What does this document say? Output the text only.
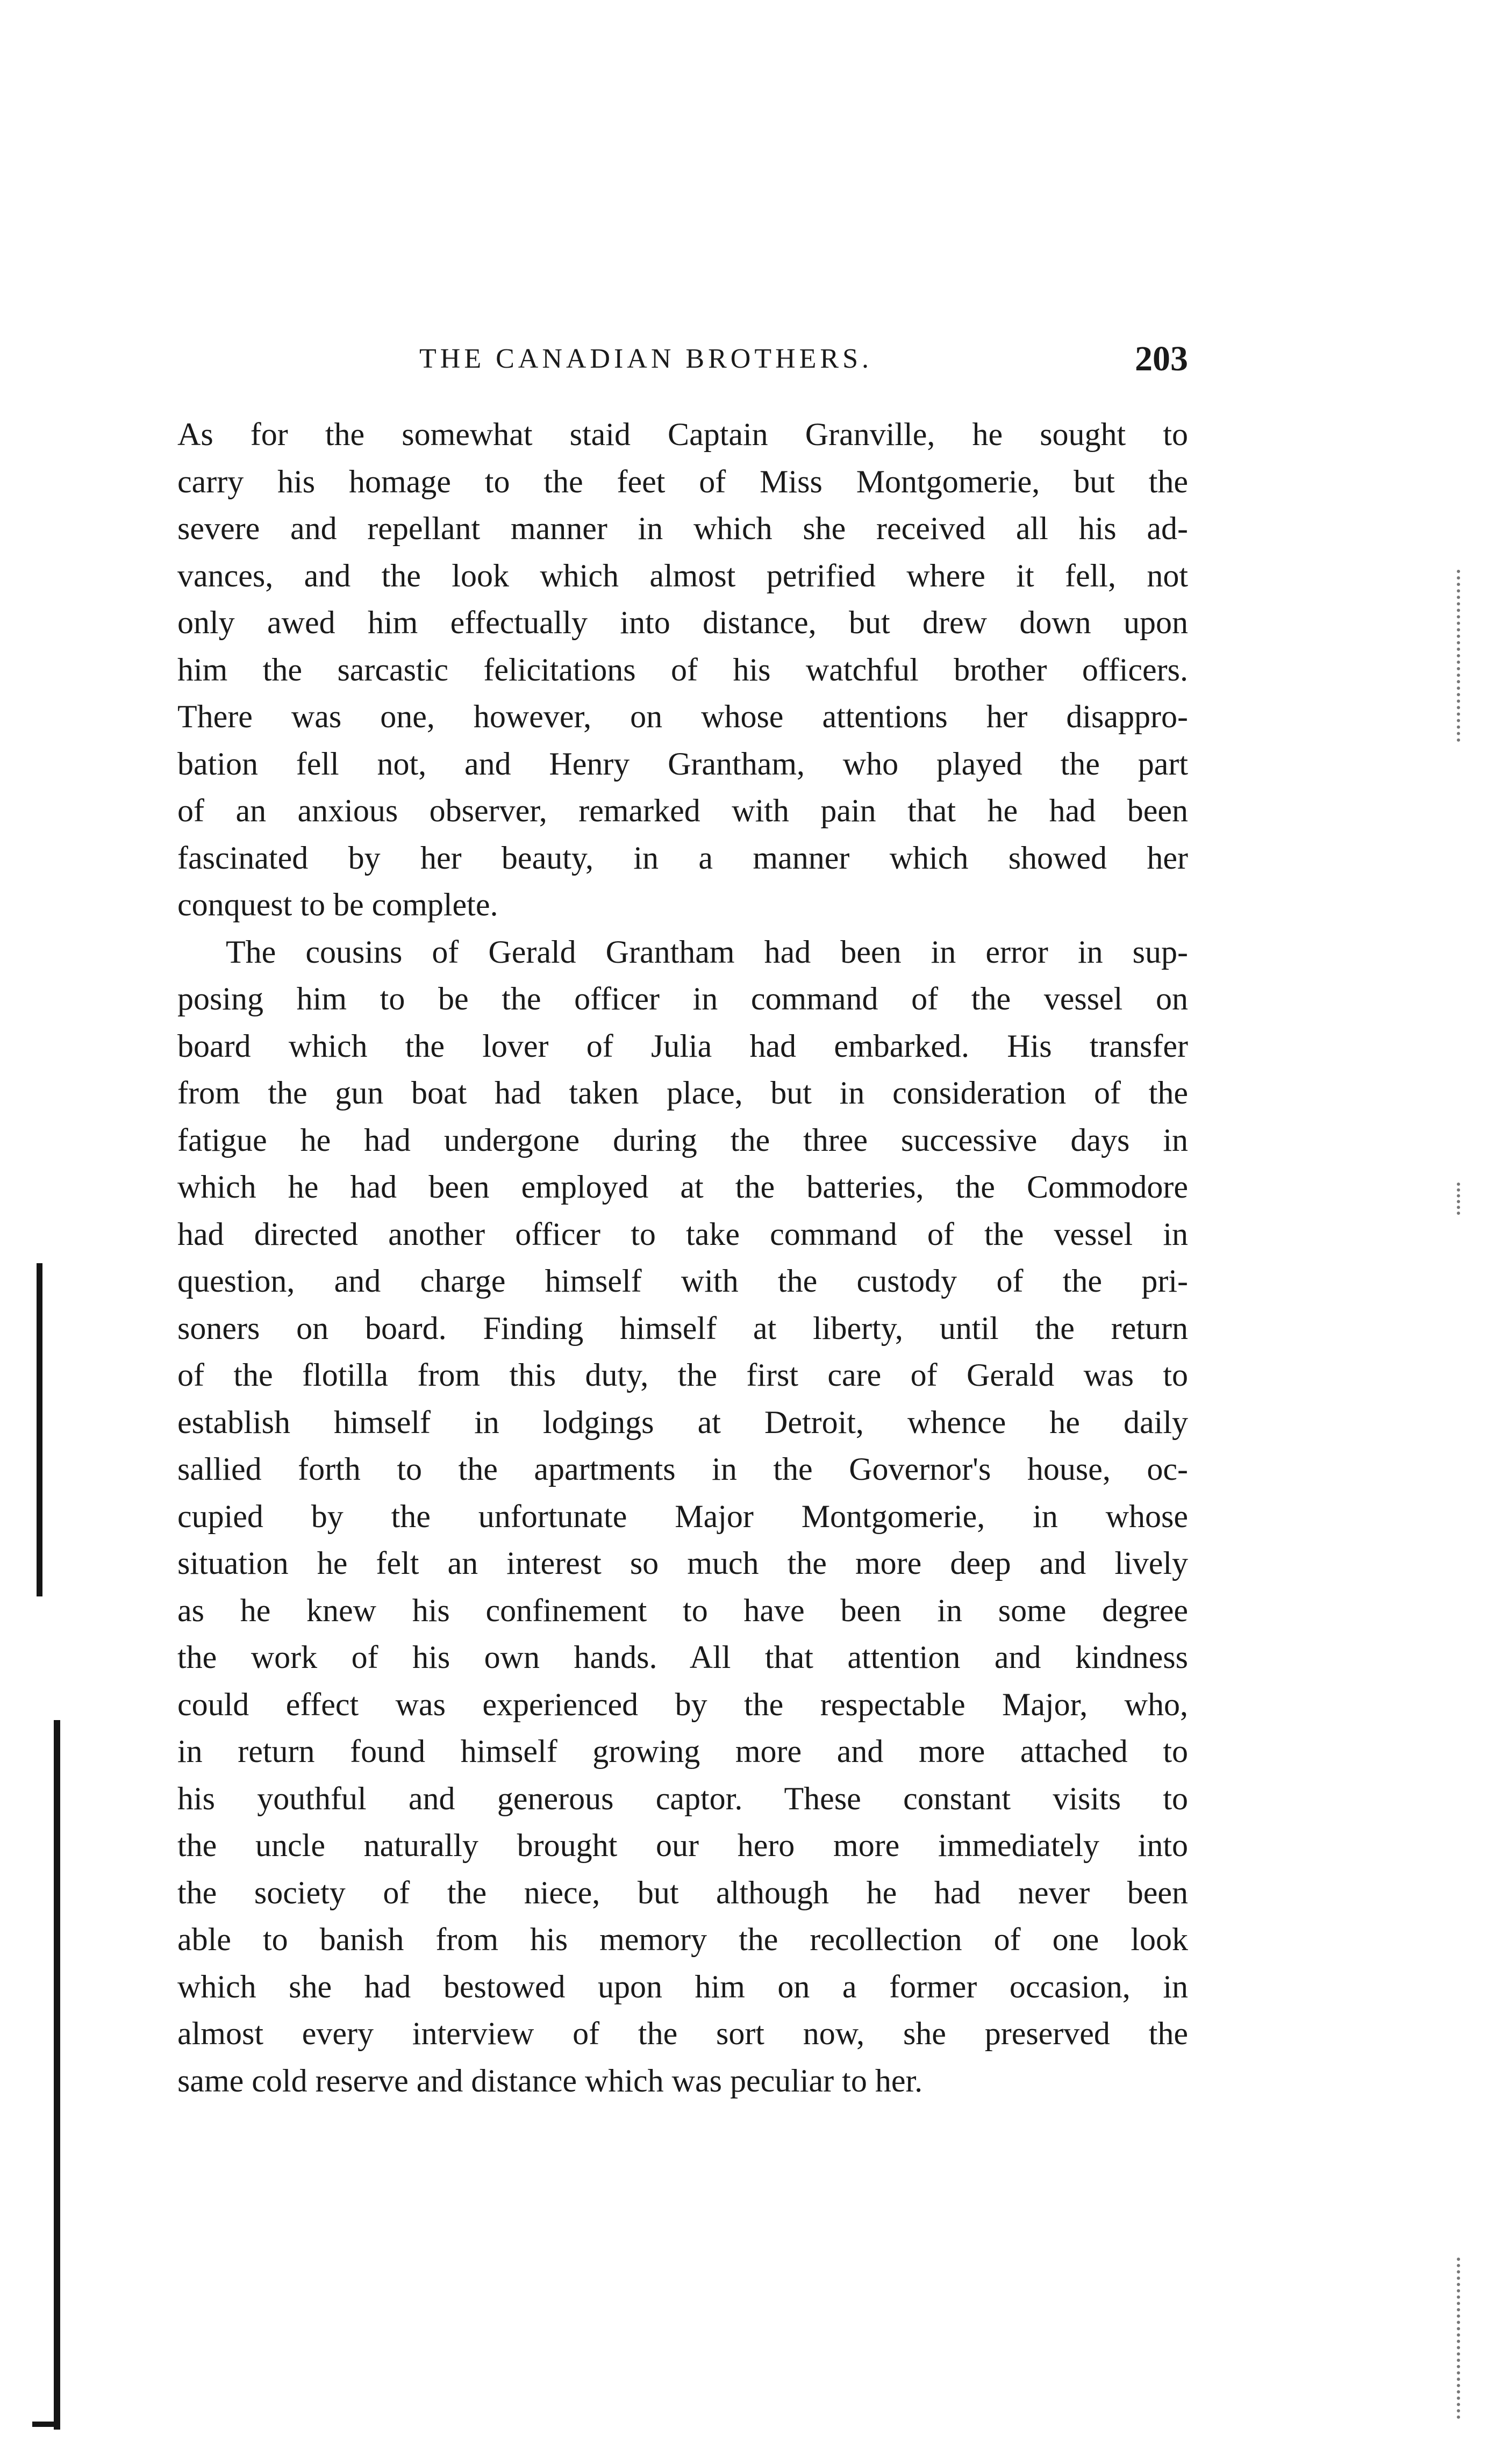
THE CANADIAN BROTHERS.	203
As for the somewhat staid Captain Granville, he sought to
carry his homage to the feet of Miss Montgomerie, but the
severe and repellant manner in which she received all his ad-
vances, and the look which almost petrified where it fell, not
only awed him effectually into distance, but drew down upon
him the sarcastic felicitations of his watchful brother officers.
There was one, however, on whose attentions her disappro-
bation fell not, and Henry Grantham, who played the part
of an anxious observer, remarked with pain that he had been
fascinated by her beauty, in a manner which showed her
conquest to be complete.
The cousins of Gerald Grantham had been in error in sup-
posing him to be the officer in command of the vessel on
board which the lover of Julia had embarked. His transfer
from the gun boat had taken place, but in consideration of the
fatigue he had undergone during the three successive days in
which he had been employed at the batteries, the Commodore
had directed another officer to take command of the vessel in
question, and charge himself with the custody of the pri-
soners on board. Finding himself at liberty, until the return
of the flotilla from this duty, the first care of Gerald was to
establish himself in lodgings at Detroit, whence he daily
sallied forth to the apartments in the Governor's house, oc-
cupied by the unfortunate Major Montgomerie, in whose
situation he felt an interest so much the more deep and lively
as he knew his confinement to have been in some degree
the work of his own hands. All that attention and kindness
could effect was experienced by the respectable Major, who,
in return found himself growing more and more attached to
his youthful and generous captor. These constant visits to
the uncle naturally brought our hero more immediately into
the society of the niece, but although he had never been
able to banish from his memory the recollection of one look
which she had bestowed upon him on a former occasion, in
almost every interview of the sort now, she preserved the
same cold reserve and distance which was peculiar to her.
